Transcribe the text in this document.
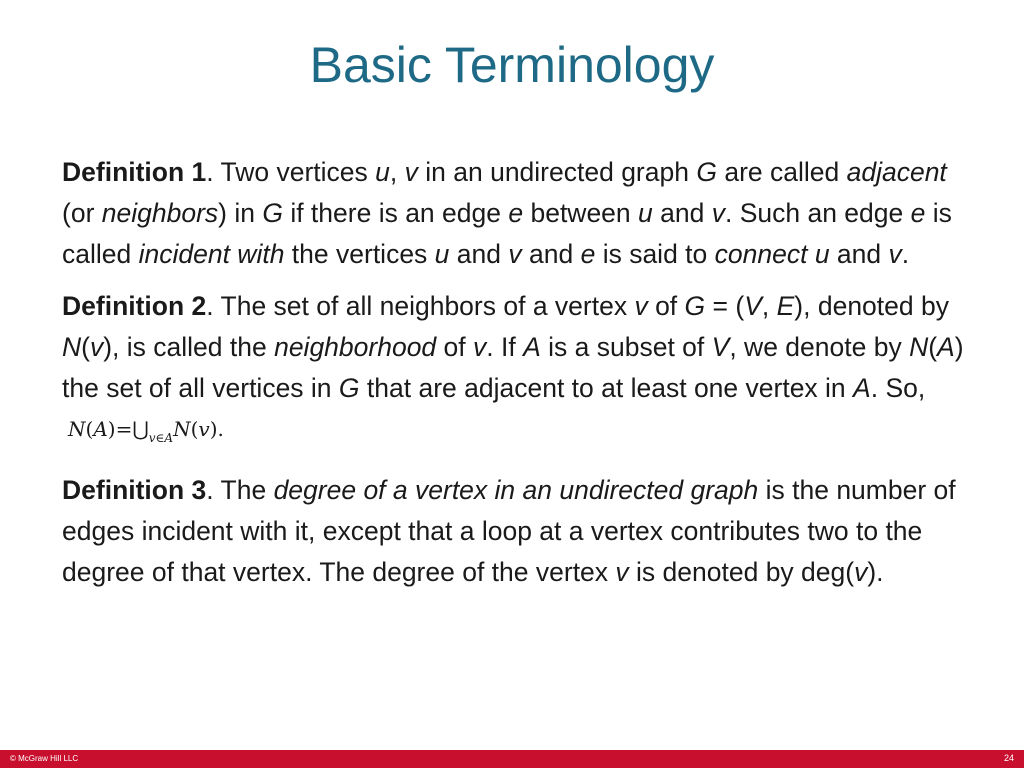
Basic Terminology

Definition 1. Two vertices u, v in an undirected graph G are called adjacent (or neighbors) in G if there is an edge e between u and v. Such an edge e is called incident with the vertices u and v and e is said to connect u and v.

Definition 2. The set of all neighbors of a vertex v of G = (V, E), denoted by N(v), is called the neighborhood of v. If A is a subset of V, we denote by N(A) the set of all vertices in G that are adjacent to at least one vertex in A. So, $N(A)=⋃_{v\in A}N(v)$.

Definition 3. The degree of a vertex in an undirected graph is the number of edges incident with it, except that a loop at a vertex contributes two to the degree of that vertex. The degree of the vertex v is denoted by deg(v).

© McGraw Hill LLC	24
